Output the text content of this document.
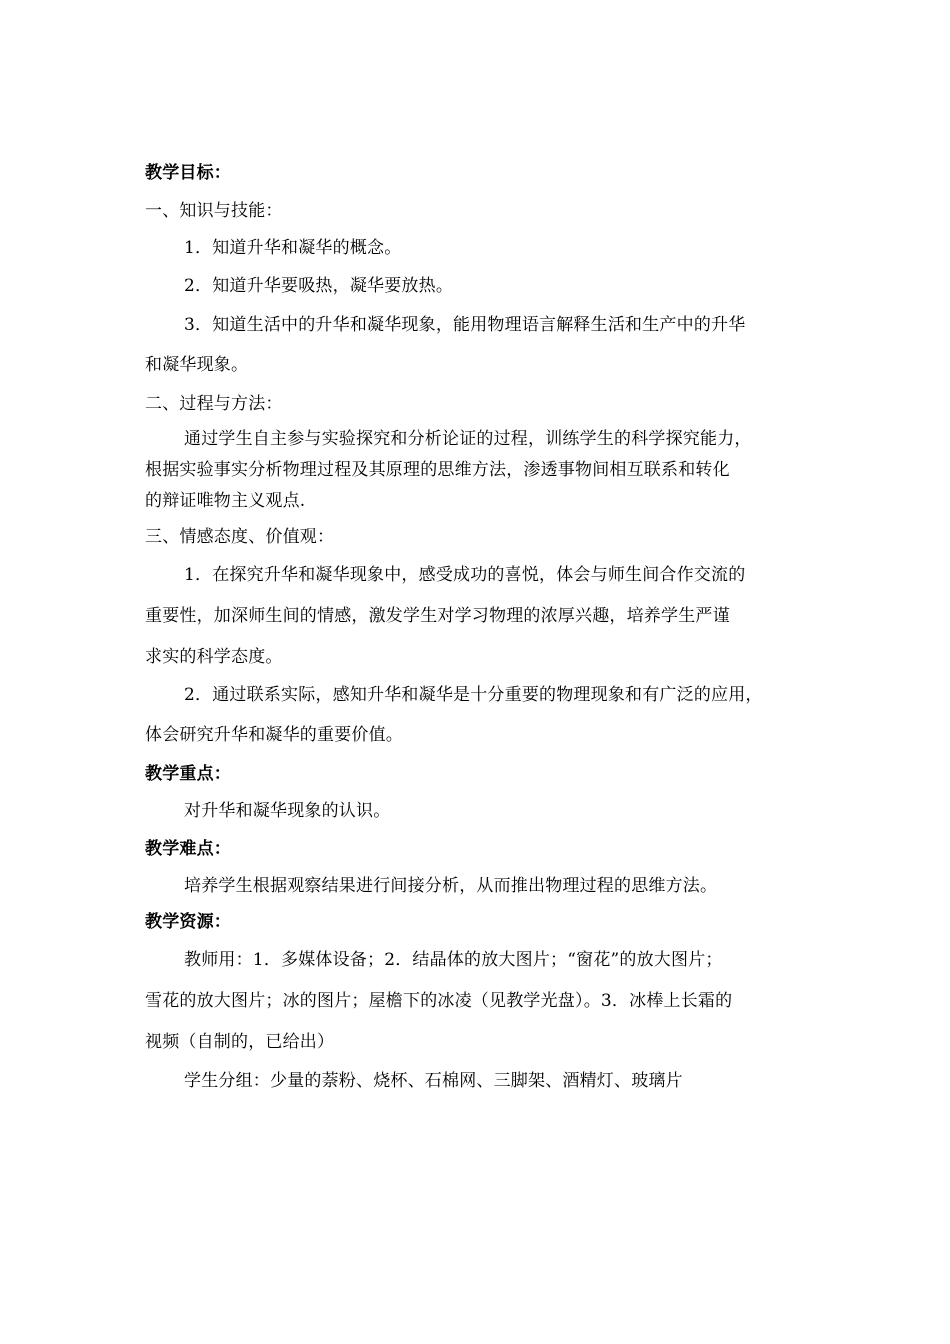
教学目标：
一、知识与技能：
1．知道升华和凝华的概念。
2．知道升华要吸热，凝华要放热。
3．知道生活中的升华和凝华现象，能用物理语言解释生活和生产中的升华
和凝华现象。
二、过程与方法：
通过学生自主参与实验探究和分析论证的过程，训练学生的科学探究能力，
根据实验事实分析物理过程及其原理的思维方法，渗透事物间相互联系和转化
的辩证唯物主义观点.
三、情感态度、价值观：
1．在探究升华和凝华现象中，感受成功的喜悦，体会与师生间合作交流的
重要性，加深师生间的情感，激发学生对学习物理的浓厚兴趣，培养学生严谨
求实的科学态度。
2．通过联系实际，感知升华和凝华是十分重要的物理现象和有广泛的应用，
体会研究升华和凝华的重要价值。
教学重点：
对升华和凝华现象的认识。
教学难点：
培养学生根据观察结果进行间接分析，从而推出物理过程的思维方法。
教学资源：
教师用：1．多媒体设备；2．结晶体的放大图片；“窗花”的放大图片；
雪花的放大图片；冰的图片；屋檐下的冰凌（见教学光盘）。3．冰棒上长霜的
视频（自制的，已给出）
学生分组：少量的萘粉、烧杯、石棉网、三脚架、酒精灯、玻璃片
